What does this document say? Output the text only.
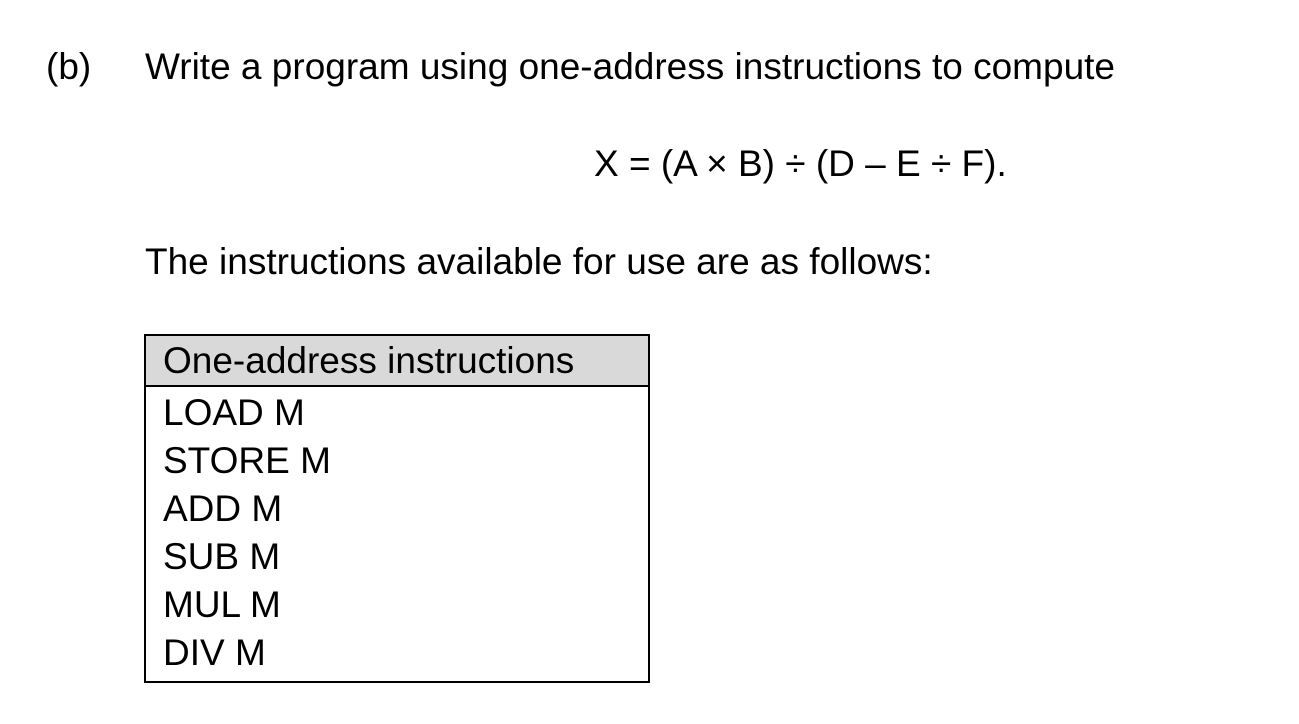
(b) Write a program using one-address instructions to compute
X = (A × B) ÷ (D – E ÷ F).
The instructions available for use are as follows:
One-address instructions
LOAD M
STORE M
ADD M
SUB M
MUL M
DIV M
